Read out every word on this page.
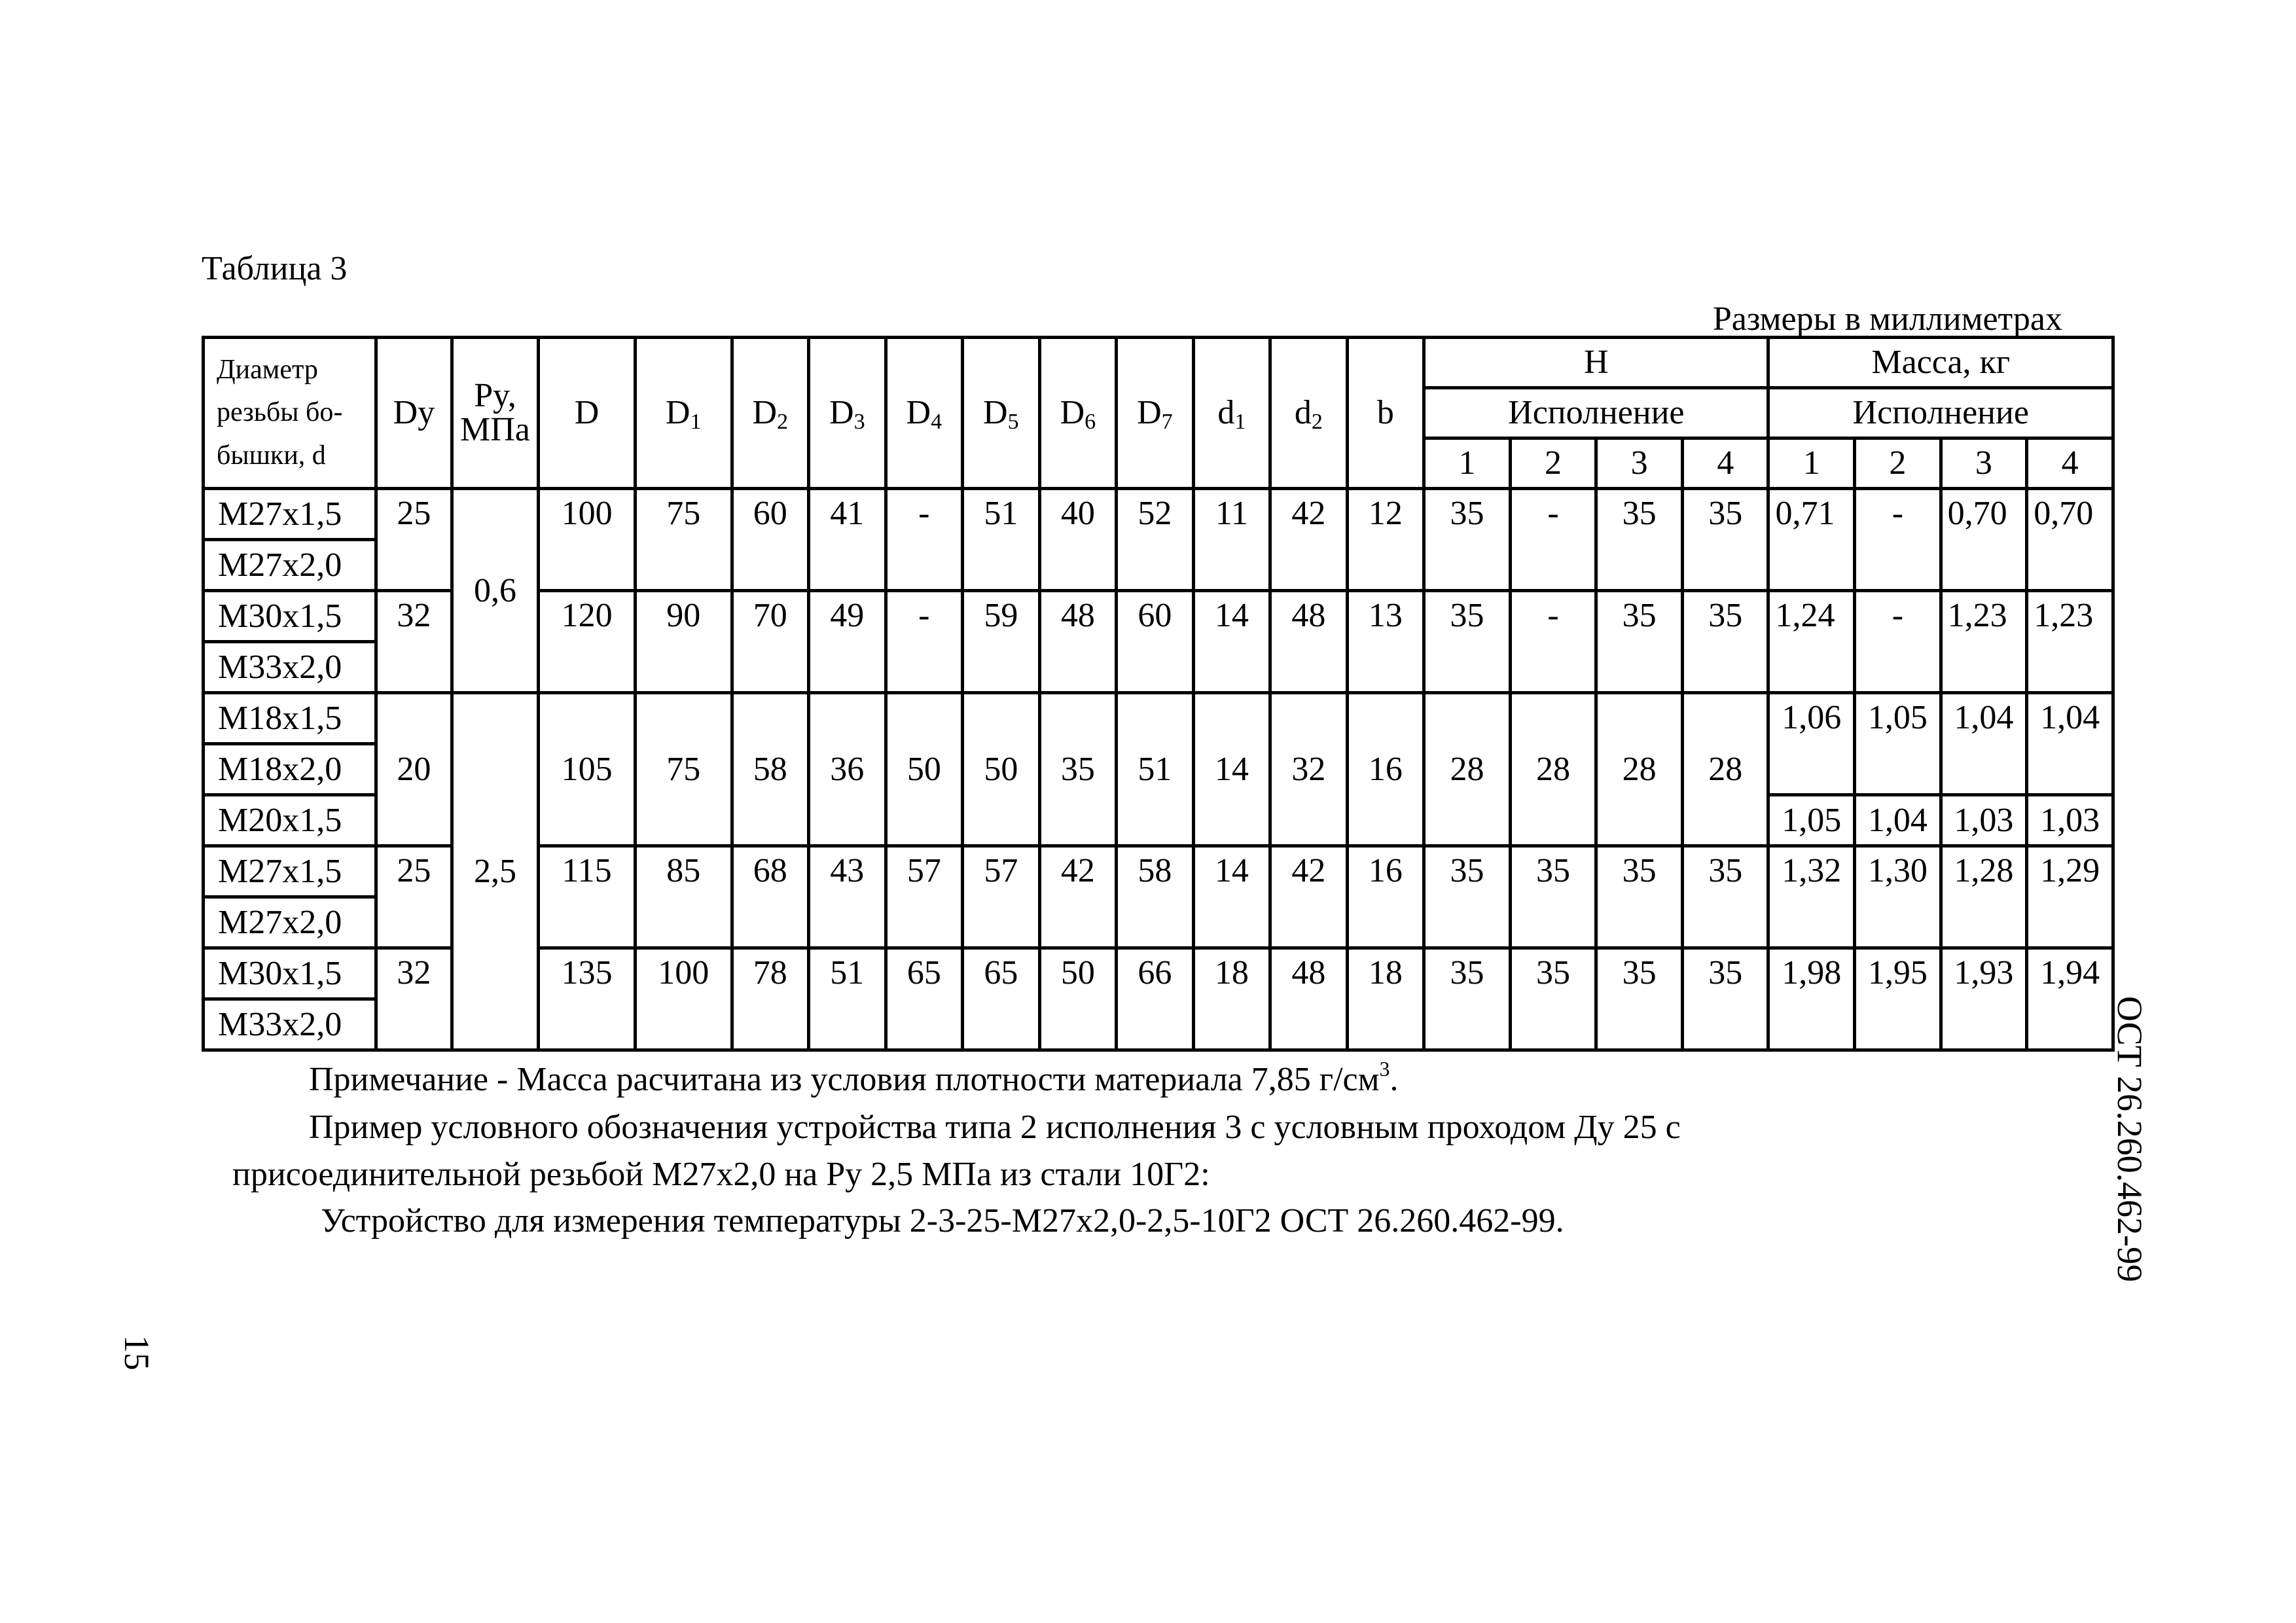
Таблица 3
Размеры в миллиметрах
Диаметр резьбы бо- бышки, d	Dy	Py, МПа	D	$D_1$	$D_2$	$D_3$	$D_4$	$D_5$	$D_6$	$D_7$	$d_1$	$d_2$	b	H				Масса, кг			
														Исполнение				Исполнение			
														1	2	3	4	1	2	3	4
M27x1,5	25	0,6	100	75	60	41	-	51	40	52	11	42	12	35	-	35	35	0,71	-	0,70	0,70
M27x2,0																					
M30x1,5	32		120	90	70	49	-	59	48	60	14	48	13	35	-	35	35	1,24	-	1,23	1,23
M33x2,0																					
M18x1,5	20	2,5	105	75	58	36	50	50	35	51	14	32	16	28	28	28	28	1,06	1,05	1,04	1,04
M18x2,0																					
M20x1,5																		1,05	1,04	1,03	1,03
M27x1,5	25		115	85	68	43	57	57	42	58	14	42	16	35	35	35	35	1,32	1,30	1,28	1,29
M27x2,0																					
M30x1,5	32		135	100	78	51	65	65	50	66	18	48	18	35	35	35	35	1,98	1,95	1,93	1,94
M33x2,0																					
Примечание - Масса расчитана из условия плотности материала 7,85 $г/см^3$.
Пример условного обозначения устройства типа 2 исполнения 3 с условным проходом Ду 25 с
присоединительной резьбой M27x2,0 на Ру 2,5 МПа из стали 10Г2:
Устройство для измерения температуры 2-3-25-M27x2,0-2,5-10Г2 ОСТ 26.260.462-99.	ОСТ 26.260.462-99
15
